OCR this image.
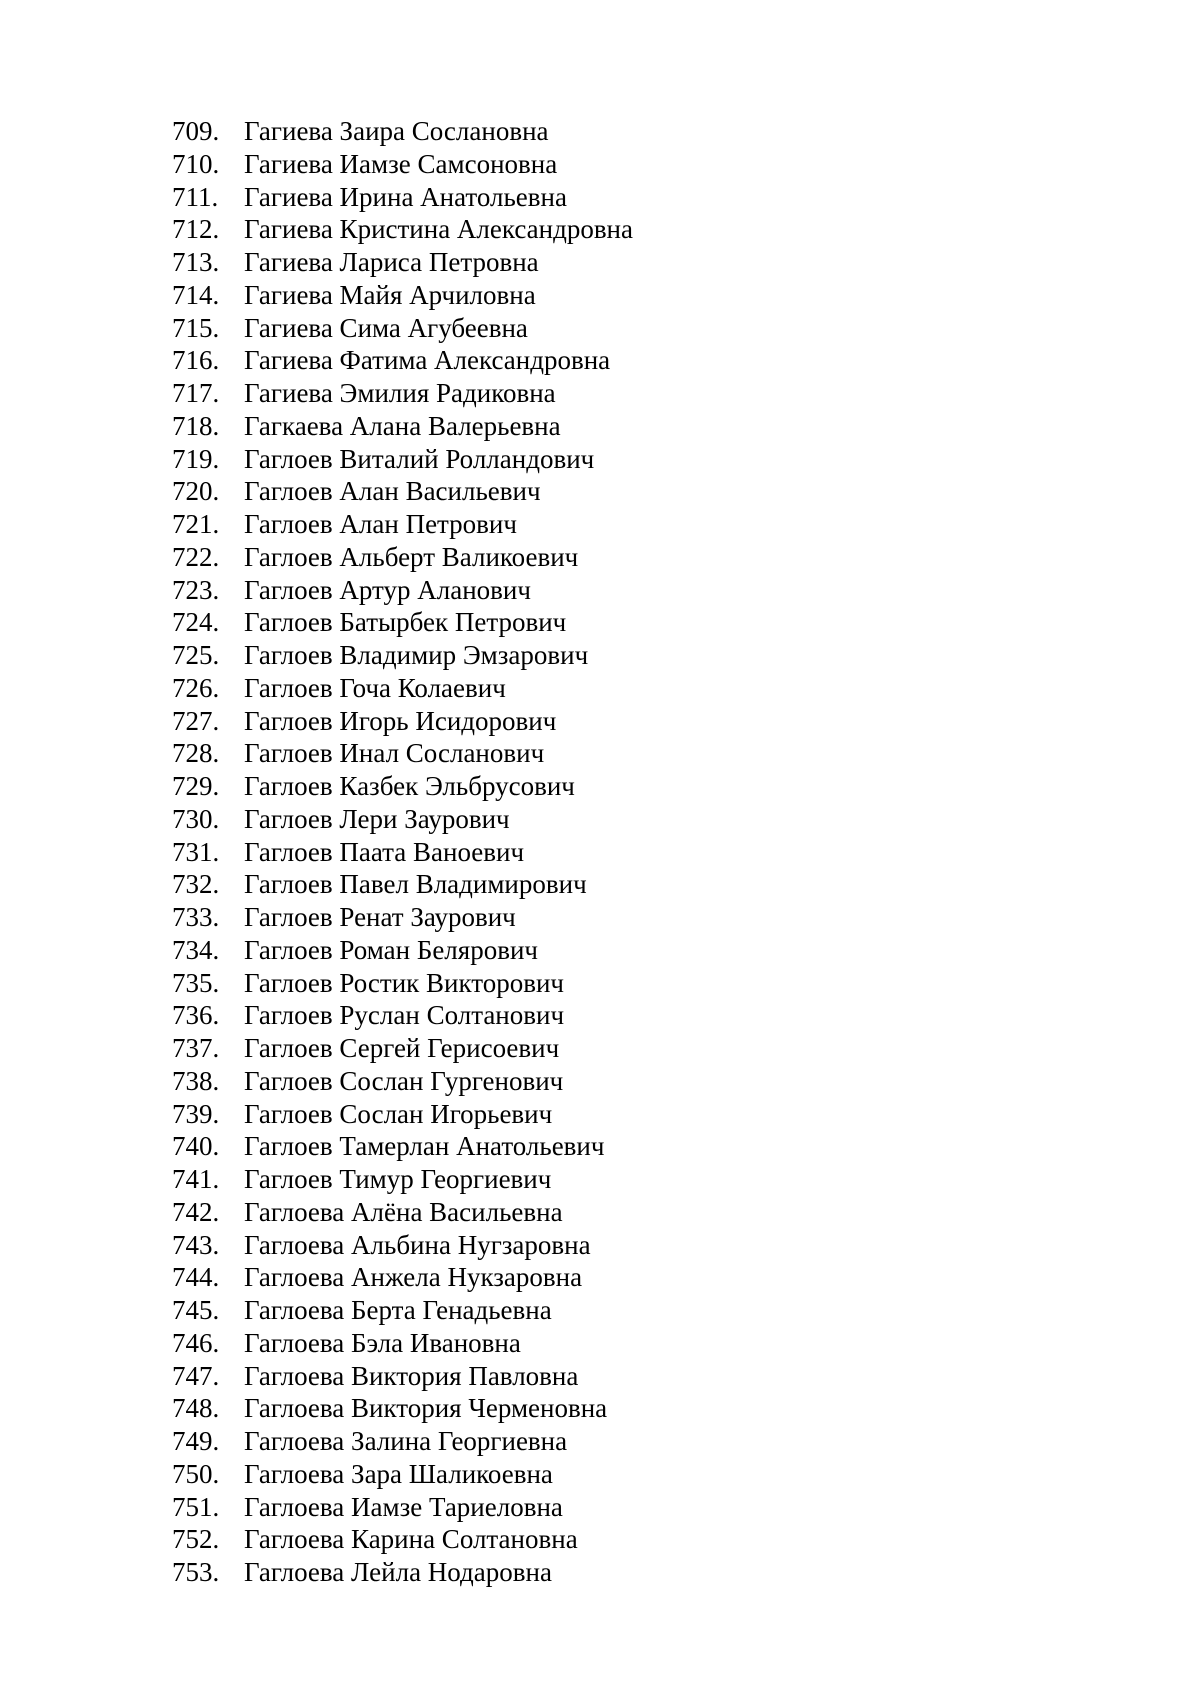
709. Гагиева Заира Сослановна
710. Гагиева Иамзе Самсоновна
711. Гагиева Ирина Анатольевна
712. Гагиева Кристина Александровна
713. Гагиева Лариса Петровна
714. Гагиева Майя Арчиловна
715. Гагиева Сима Агубеевна
716. Гагиева Фатима Александровна
717. Гагиева Эмилия Радиковна
718. Гагкаева Алана Валерьевна
719. Гаглоев Виталий Ролландович
720. Гаглоев Алан Васильевич
721. Гаглоев Алан Петрович
722. Гаглоев Альберт Валикоевич
723. Гаглоев Артур Аланович
724. Гаглоев Батырбек Петрович
725. Гаглоев Владимир Эмзарович
726. Гаглоев Гоча Колаевич
727. Гаглоев Игорь Исидорович
728. Гаглоев Инал Сосланович
729. Гаглоев Казбек Эльбрусович
730. Гаглоев Лери Заурович
731. Гаглоев Паата Ваноевич
732. Гаглоев Павел Владимирович
733. Гаглоев Ренат Заурович
734. Гаглоев Роман Белярович
735. Гаглоев Ростик Викторович
736. Гаглоев Руслан Солтанович
737. Гаглоев Сергей Герисоевич
738. Гаглоев Сослан Гургенович
739. Гаглоев Сослан Игорьевич
740. Гаглоев Тамерлан Анатольевич
741. Гаглоев Тимур Георгиевич
742. Гаглоева Алёна Васильевна
743. Гаглоева Альбина Нугзаровна
744. Гаглоева Анжела Нукзаровна
745. Гаглоева Берта Генадьевна
746. Гаглоева Бэла Ивановна
747. Гаглоева Виктория Павловна
748. Гаглоева Виктория Черменовна
749. Гаглоева Залина Георгиевна
750. Гаглоева Зара Шаликоевна
751. Гаглоева Иамзе Тариеловна
752. Гаглоева Карина Солтановна
753. Гаглоева Лейла Нодаровна
